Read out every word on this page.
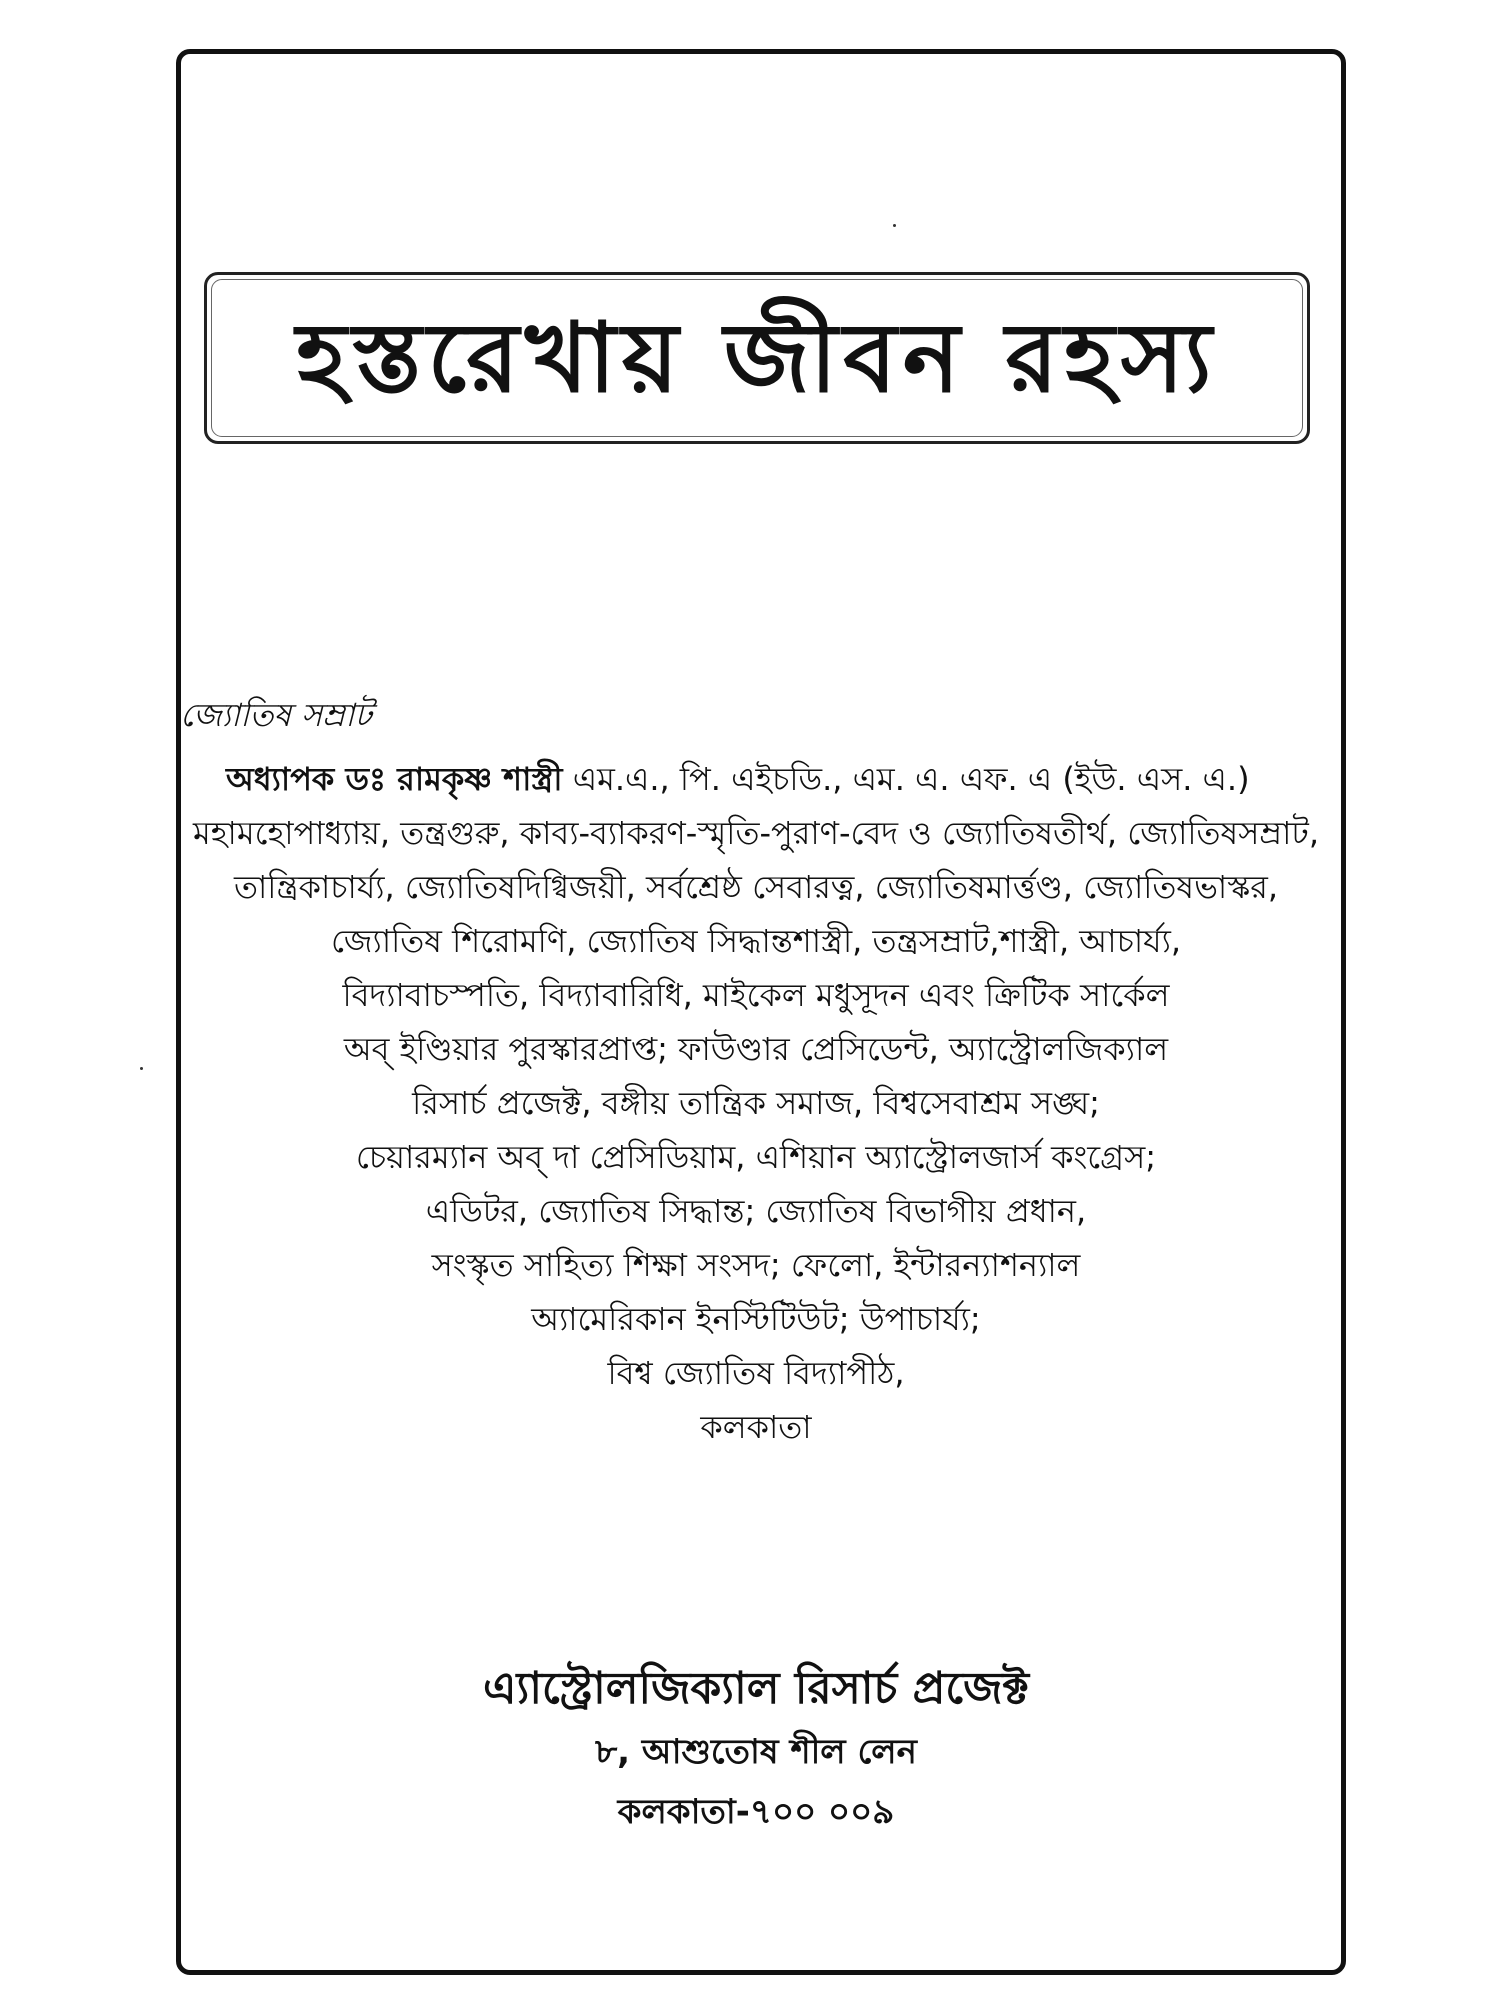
হস্তরেখায় জীবন রহস্য
জ্যোতিষ সম্রাট
অধ্যাপক ডঃ রামকৃষ্ণ শাস্ত্রী এম.এ., পি. এইচডি., এম. এ. এফ. এ (ইউ. এস. এ.)
মহামহোপাধ্যায়, তন্ত্রগুরু, কাব্য-ব্যাকরণ-স্মৃতি-পুরাণ-বেদ ও জ্যোতিষতীর্থ, জ্যোতিষসম্রাট,
তান্ত্রিকাচার্য্য, জ্যোতিষদিগ্বিজয়ী, সর্বশ্রেষ্ঠ সেবারত্ন, জ্যোতিষমার্ত্তণ্ড, জ্যোতিষভাস্কর,
জ্যোতিষ শিরোমণি, জ্যোতিষ সিদ্ধান্তশাস্ত্রী, তন্ত্রসম্রাট,শাস্ত্রী, আচার্য্য,
বিদ্যাবাচস্পতি, বিদ্যাবারিধি, মাইকেল মধুসূদন এবং ক্রিটিক সার্কেল
অব্ ইণ্ডিয়ার পুরস্কারপ্রাপ্ত; ফাউণ্ডার প্রেসিডেন্ট, অ্যাস্ট্রোলজিক্যাল
রিসার্চ প্রজেক্ট, বঙ্গীয় তান্ত্রিক সমাজ, বিশ্বসেবাশ্রম সঙ্ঘ;
চেয়ারম্যান অব্ দা প্রেসিডিয়াম, এশিয়ান অ্যাস্ট্রোলজার্স কংগ্রেস;
এডিটর, জ্যোতিষ সিদ্ধান্ত; জ্যোতিষ বিভাগীয় প্রধান,
সংস্কৃত সাহিত্য শিক্ষা সংসদ; ফেলো, ইন্টারন্যাশন্যাল
অ্যামেরিকান ইনস্টিটিউট; উপাচার্য্য;
বিশ্ব জ্যোতিষ বিদ্যাপীঠ,
কলকাতা
এ্যাস্ট্রোলজিক্যাল রিসার্চ প্রজেক্ট
৮, আশুতোষ শীল লেন
কলকাতা-৭০০ ০০৯
